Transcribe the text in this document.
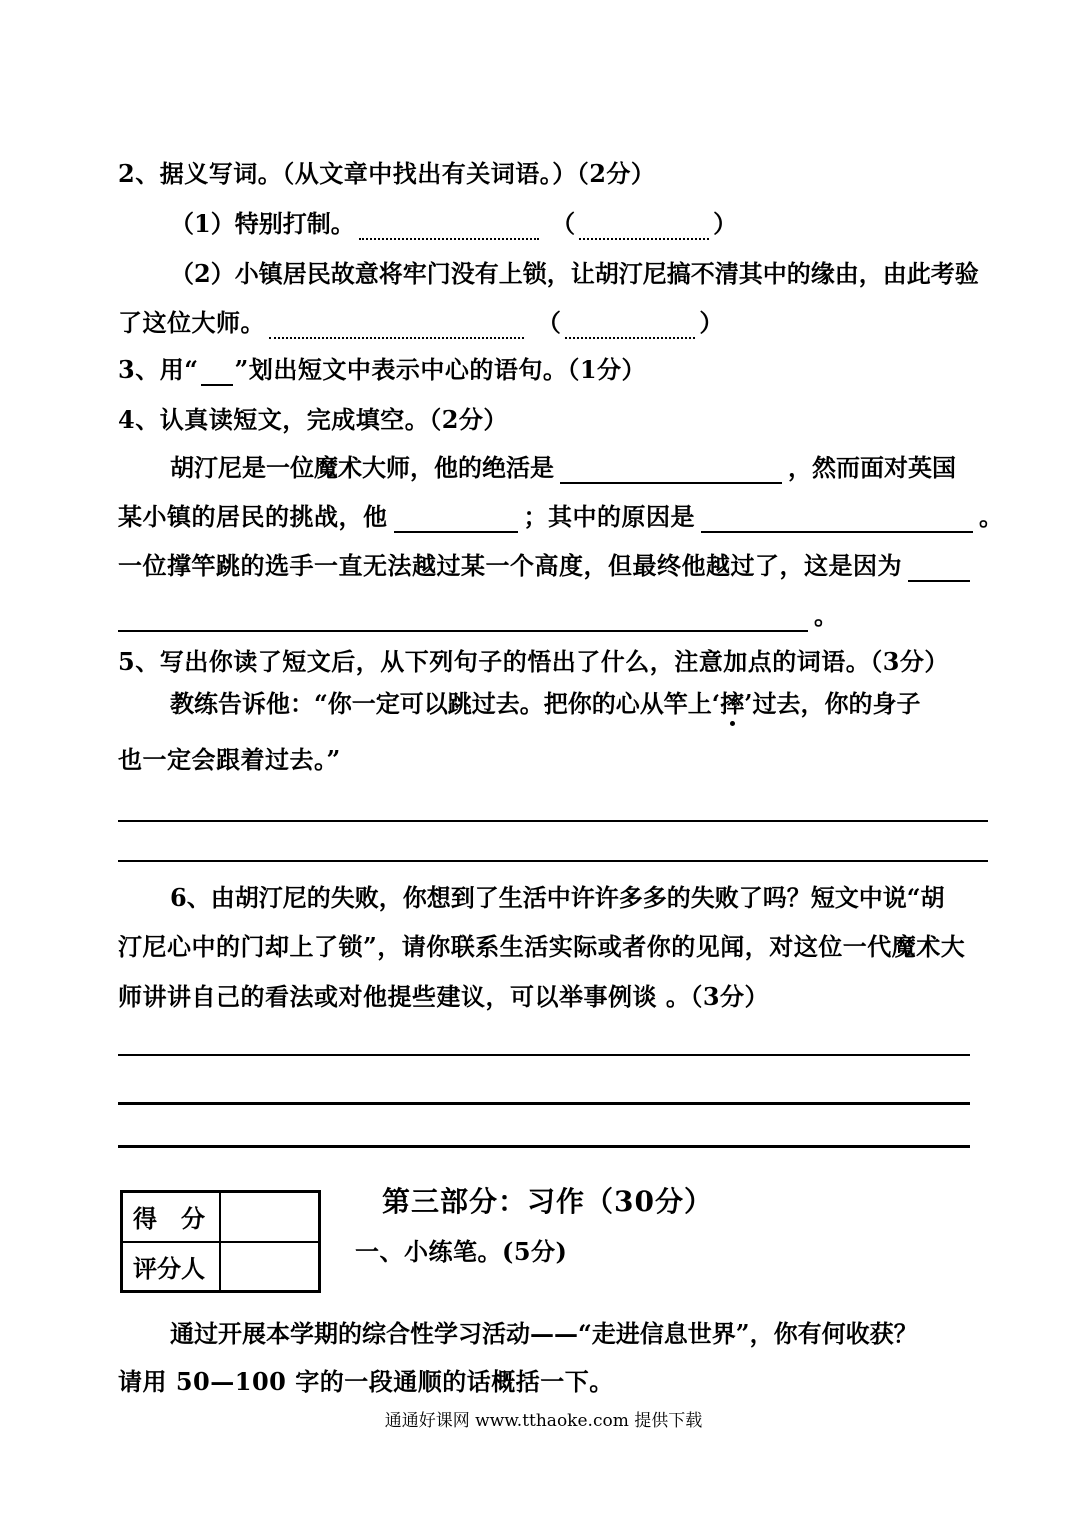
2、据义写词。（从文章中找出有关词语。）（2分）
（1）特别打制。	（	）
（2）小镇居民故意将牢门没有上锁，让胡汀尼搞不清其中的缘由，由此考验
了这位大师。	（	）
3、用“ ”划出短文中表示中心的语句。（1分）
4、认真读短文，完成填空。（2分）
胡汀尼是一位魔术大师，他的绝活是	，然而面对英国
某小镇的居民的挑战，他	；其中的原因是	。
一位撑竿跳的选手一直无法越过某一个高度，但最终他越过了，这是因为
。
5、写出你读了短文后，从下列句子的悟出了什么，注意加点的词语。（3分）
教练告诉他：“你一定可以跳过去。把你的心从竿上‘摔’过去，你的身子
也一定会跟着过去。”
6、由胡汀尼的失败，你想到了生活中许许多多的失败了吗？短文中说“胡
汀尼心中的门却上了锁”，请你联系生活实际或者你的见闻，对这位一代魔术大
师讲讲自己的看法或对他提些建议，可以举事例谈 。（3分）
得　分	
评分人	
第三部分：习作（30分）
一、小练笔。(5分)
通过开展本学期的综合性学习活动——“走进信息世界”，你有何收获？
请用 50—100 字的一段通顺的话概括一下。
通通好课网 www.tthaoke.com 提供下载
